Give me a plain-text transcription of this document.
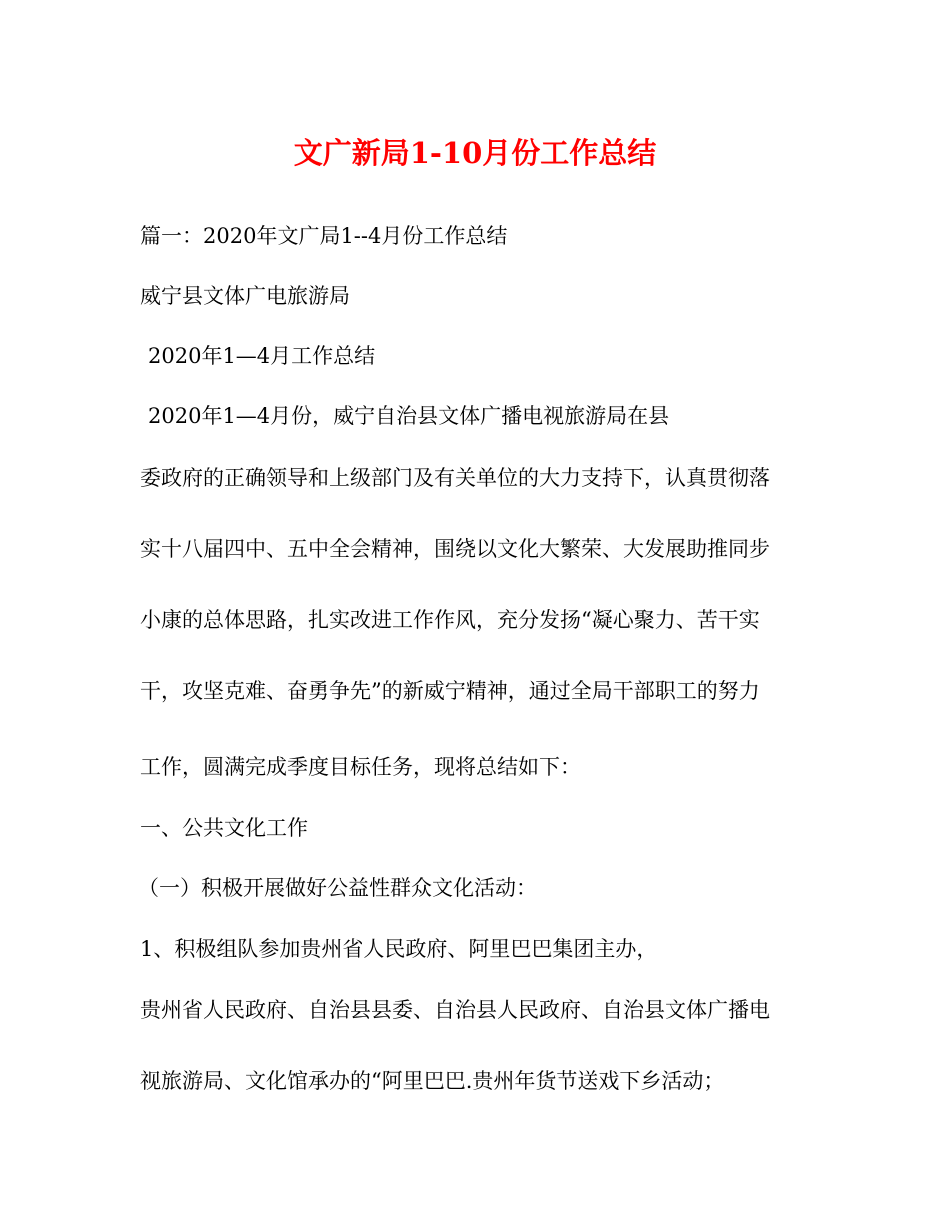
文广新局1-10月份工作总结
篇一：2020年文广局1--4月份工作总结
威宁县文体广电旅游局
2020年1—4月工作总结
2020年1—4月份，威宁自治县文体广播电视旅游局在县
委政府的正确领导和上级部门及有关单位的大力支持下，认真贯彻落
实十八届四中、五中全会精神，围绕以文化大繁荣、大发展助推同步
小康的总体思路，扎实改进工作作风，充分发扬“凝心聚力、苦干实
干，攻坚克难、奋勇争先”的新威宁精神，通过全局干部职工的努力
工作，圆满完成季度目标任务，现将总结如下：
一、公共文化工作
（一）积极开展做好公益性群众文化活动：
1、积极组队参加贵州省人民政府、阿里巴巴集团主办，
贵州省人民政府、自治县县委、自治县人民政府、自治县文体广播电
视旅游局、文化馆承办的“阿里巴巴.贵州年货节送戏下乡活动；
